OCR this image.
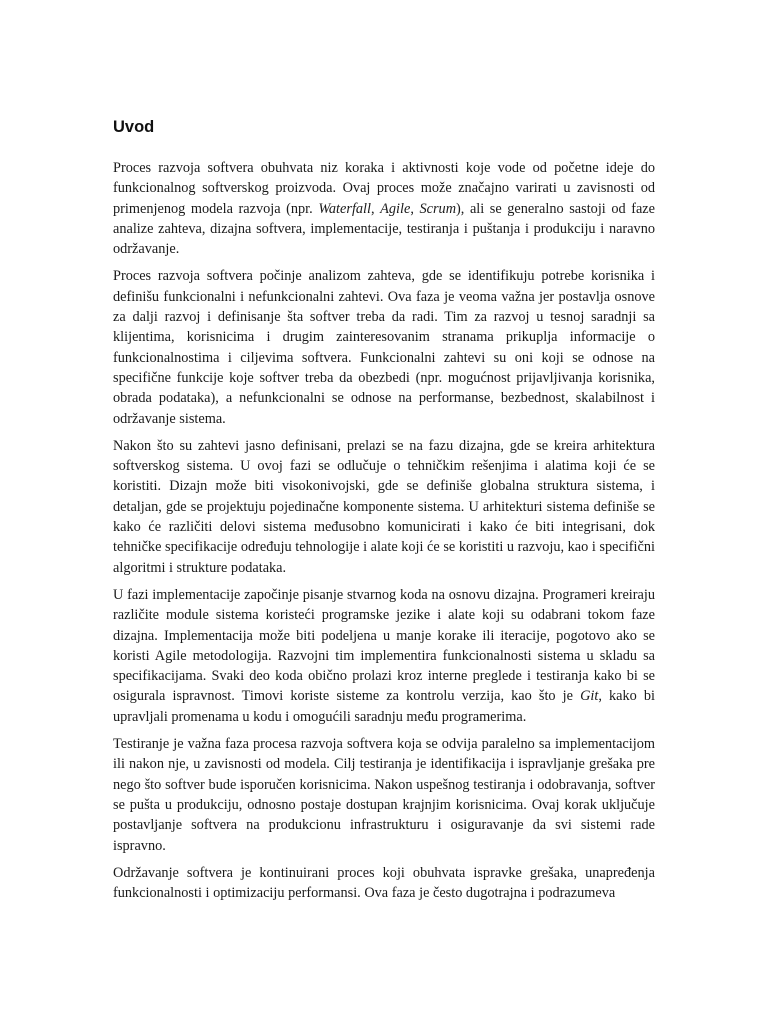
Uvod

Proces razvoja softvera obuhvata niz koraka i aktivnosti koje vode od početne ideje do funkcionalnog softverskog proizvoda. Ovaj proces može značajno varirati u zavisnosti od primenjenog modela razvoja (npr. Waterfall, Agile, Scrum), ali se generalno sastoji od faze analize zahteva, dizajna softvera, implementacije, testiranja i puštanja i produkciju i naravno održavanje.

Proces razvoja softvera počinje analizom zahteva, gde se identifikuju potrebe korisnika i definišu funkcionalni i nefunkcionalni zahtevi. Ova faza je veoma važna jer postavlja osnove za dalji razvoj i definisanje šta softver treba da radi. Tim za razvoj u tesnoj saradnji sa klijentima, korisnicima i drugim zainteresovanim stranama prikuplja informacije o funkcionalnostima i ciljevima softvera. Funkcionalni zahtevi su oni koji se odnose na specifične funkcije koje softver treba da obezbedi (npr. mogućnost prijavljivanja korisnika, obrada podataka), a nefunkcionalni se odnose na performanse, bezbednost, skalabilnost i održavanje sistema.

Nakon što su zahtevi jasno definisani, prelazi se na fazu dizajna, gde se kreira arhitektura softverskog sistema. U ovoj fazi se odlučuje o tehničkim rešenjima i alatima koji će se koristiti. Dizajn može biti visokonivojski, gde se definiše globalna struktura sistema, i detaljan, gde se projektuju pojedinačne komponente sistema. U arhitekturi sistema definiše se kako će različiti delovi sistema međusobno komunicirati i kako će biti integrisani, dok tehničke specifikacije određuju tehnologije i alate koji će se koristiti u razvoju, kao i specifični algoritmi i strukture podataka.

U fazi implementacije započinje pisanje stvarnog koda na osnovu dizajna. Programeri kreiraju različite module sistema koristeći programske jezike i alate koji su odabrani tokom faze dizajna. Implementacija može biti podeljena u manje korake ili iteracije, pogotovo ako se koristi Agile metodologija. Razvojni tim implementira funkcionalnosti sistema u skladu sa specifikacijama. Svaki deo koda obično prolazi kroz interne preglede i testiranja kako bi se osigurala ispravnost. Timovi koriste sisteme za kontrolu verzija, kao što je Git, kako bi upravljali promenama u kodu i omogućili saradnju među programerima.

Testiranje je važna faza procesa razvoja softvera koja se odvija paralelno sa implementacijom ili nakon nje, u zavisnosti od modela. Cilj testiranja je identifikacija i ispravljanje grešaka pre nego što softver bude isporučen korisnicima. Nakon uspešnog testiranja i odobravanja, softver se pušta u produkciju, odnosno postaje dostupan krajnjim korisnicima. Ovaj korak uključuje postavljanje softvera na produkcionu infrastrukturu i osiguravanje da svi sistemi rade ispravno.

Održavanje softvera je kontinuirani proces koji obuhvata ispravke grešaka, unapređenja funkcionalnosti i optimizaciju performansi. Ova faza je često dugotrajna i podrazumeva
